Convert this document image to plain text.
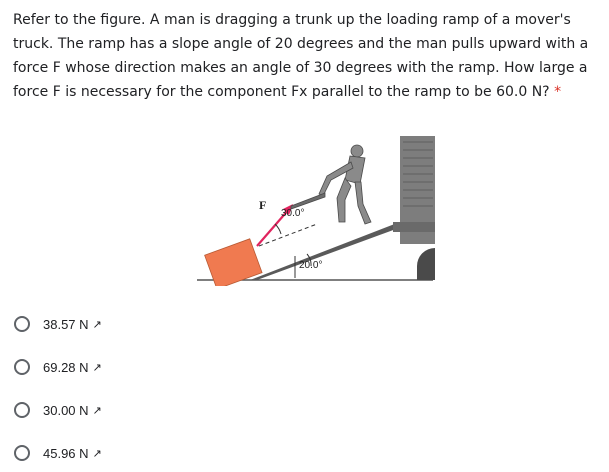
Refer to the figure. A man is dragging a trunk up the loading ramp of a mover's truck. The ramp has a slope angle of 20 degrees and the man pulls upward with a force F whose direction makes an angle of 30 degrees with the ramp. How large a force F is necessary for the component Fx parallel to the ramp to be 60.0 N? *

F
30.0°
20.0°
38.57 N ↗
69.28 N ↗
30.00 N ↗
45.96 N ↗
